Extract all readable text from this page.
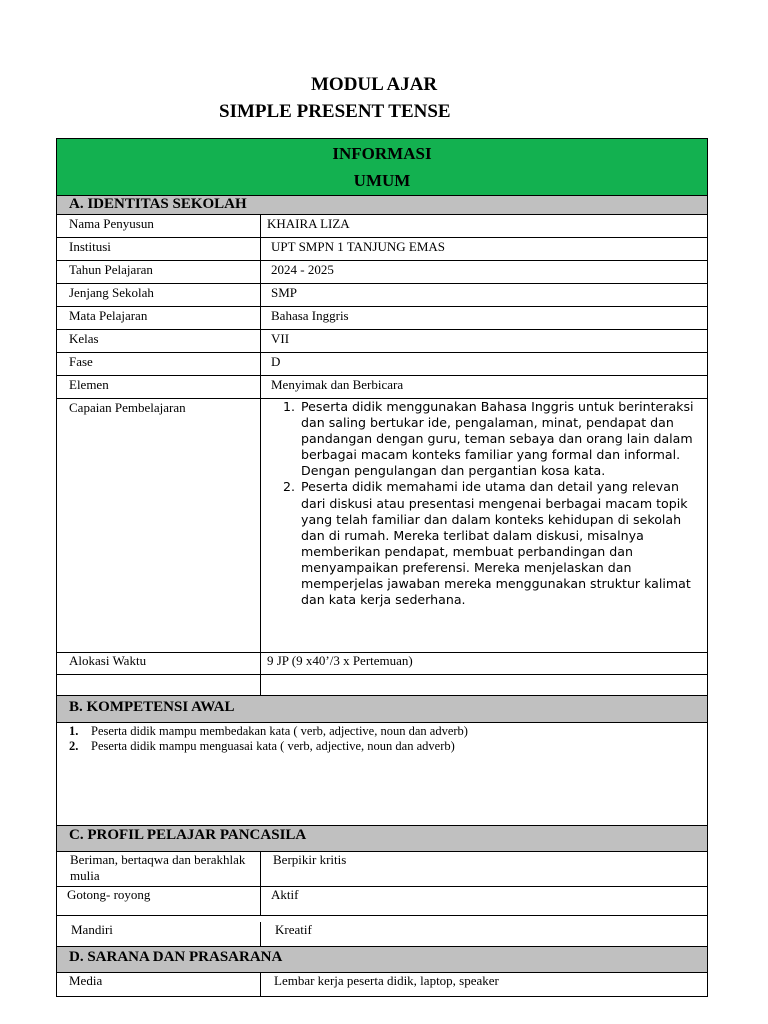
MODUL AJAR
SIMPLE PRESENT TENSE
INFORMASI
UMUM
A. IDENTITAS SEKOLAH
Nama Penyusun	KHAIRA LIZA
Institusi	UPT SMPN 1 TANJUNG EMAS
Tahun Pelajaran	2024 - 2025
Jenjang Sekolah	SMP
Mata Pelajaran	Bahasa Inggris
Kelas	VII
Fase	D
Elemen	Menyimak dan Berbicara
Capaian Pembelajaran
1.	Peserta didik menggunakan Bahasa Inggris untuk berinteraksi dan saling bertukar ide, pengalaman, minat, pendapat dan pandangan dengan guru, teman sebaya dan orang lain dalam berbagai macam konteks familiar yang formal dan informal. Dengan pengulangan dan pergantian kosa kata.
2. Peserta didik memahami ide utama dan detail yang relevan dari diskusi atau presentasi mengenai berbagai macam topik yang telah familiar dan dalam konteks kehidupan di sekolah dan di rumah. Mereka terlibat dalam diskusi, misalnya memberikan pendapat, membuat perbandingan dan menyampaikan preferensi. Mereka menjelaskan dan memperjelas jawaban mereka menggunakan struktur kalimat dan kata kerja sederhana.
Alokasi Waktu	9 JP (9 x40’/3 x Pertemuan)
B. KOMPETENSI AWAL
1. Peserta didik mampu membedakan kata ( verb, adjective, noun dan adverb)
2. Peserta didik mampu menguasai kata ( verb, adjective, noun dan adverb)
C. PROFIL PELAJAR PANCASILA
Beriman, bertaqwa dan berakhlak mulia
Berpikir kritis
Gotong- royong	Aktif
Mandiri	Kreatif
D. SARANA DAN PRASARANA
Media	Lembar kerja peserta didik, laptop, speaker
